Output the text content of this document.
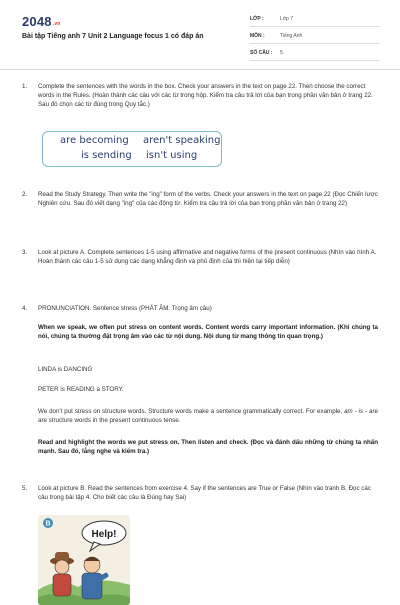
2048.vn
Bài tập Tiếng anh 7 Unit 2 Language focus 1 có đáp án
LỚP :	Lớp 7
MÔN :	Tiếng Anh
SỐ CÂU :	5
1. Complete the sentences with the words in the box. Check your answers in the text on page 22. Then choose the correct words in the Rules. (Hoàn thành các câu với các từ trong hộp. Kiểm tra câu trả lời của bạn trong phần văn bản ở trang 22. Sau đó chọn các từ đúng trong Quy tắc.)
are becoming aren't speaking
is sending isn't using
2. Read the Study Strategy. Then write the "ing" form of the verbs. Check your answers in the text on page 22 (Đọc Chiến lược Nghiên cứu. Sau đó viết dạng "ing" của các động từ. Kiểm tra câu trả lời của bạn trong phần văn bản ở trang 22)
3. Look at picture A. Complete sentences 1-5 using affirmative and negative forms of the present continuous (Nhìn vào hình A. Hoàn thành các câu 1-5 sử dụng các dạng khẳng định và phủ định của thì hiện tại tiếp diễn)
4. PRONUNCIATION. Sentence stress (PHÁT ÂM. Trọng âm câu)
When we speak, we often put stress on content words. Content words carry important information. (Khi chúng ta nói, chúng ta thường đặt trọng âm vào các từ nội dung. Nội dung từ mang thông tin quan trọng.)
LINDA is DANCING
PETER is READING a STORY.
We don't put stress on structure words. Structure words make a sentence grammatically correct. For example, am - is - are are structure words in the present continuous tense.
Read and highlight the words we put stress on. Then listen and check. (Đọc và đánh dấu những từ chúng ta nhấn mạnh. Sau đó, lắng nghe và kiểm tra.)
5. Look at picture B. Read the sentences from exercise 4. Say if the sentences are True or False (Nhìn vào tranh B. Đọc các câu trong bài tập 4. Cho biết các câu là Đúng hay Sai)
B
Help!
